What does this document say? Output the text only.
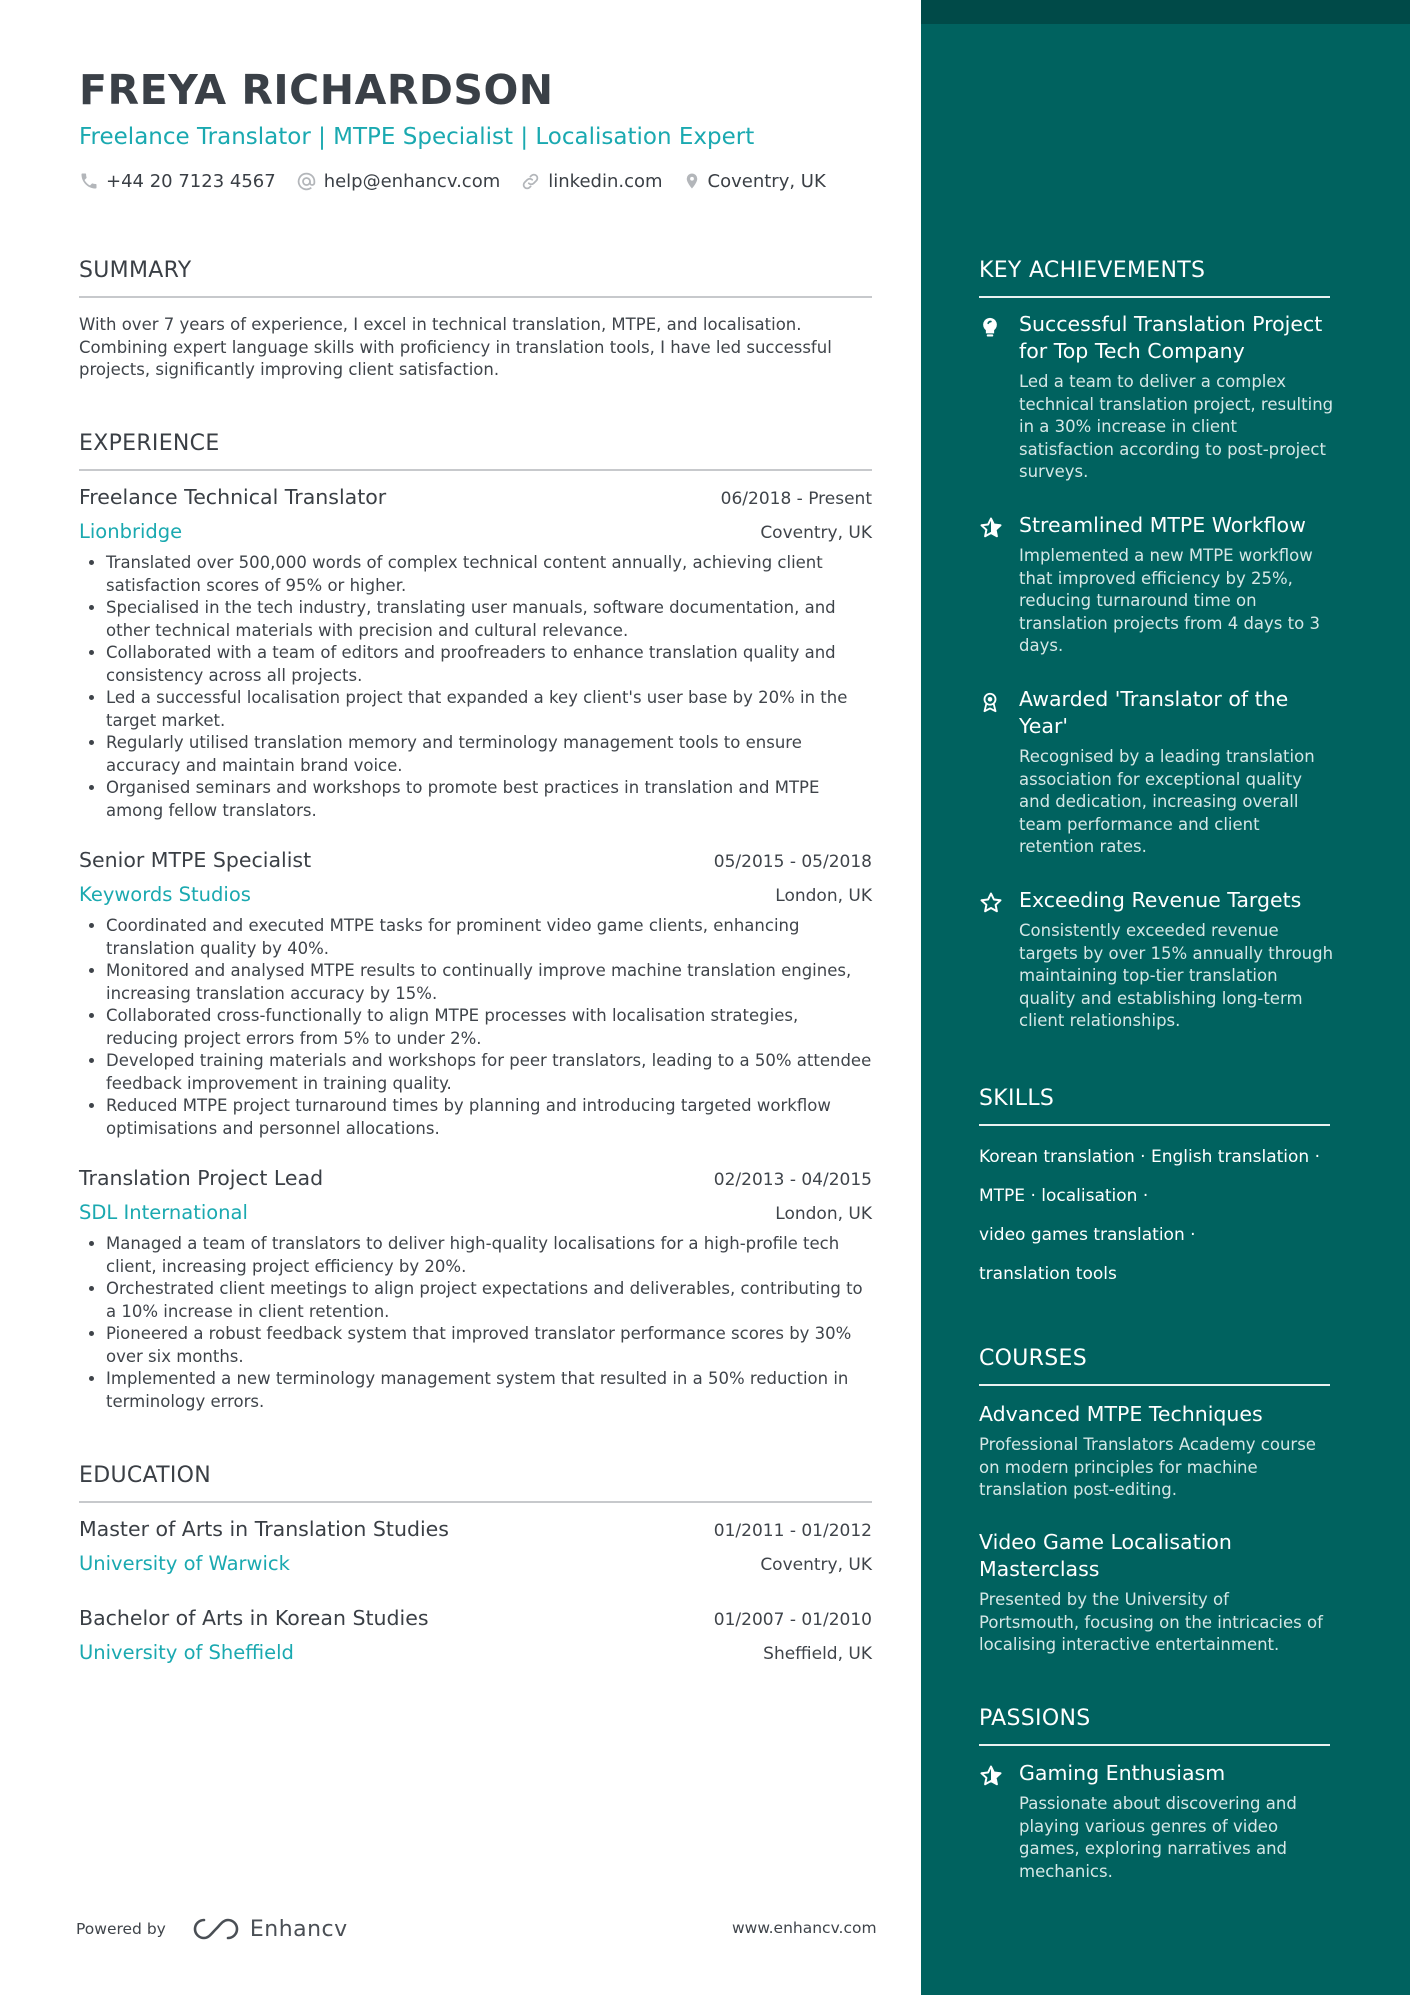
FREYA RICHARDSON
Freelance Translator | MTPE Specialist | Localisation Expert
+44 20 7123 4567	help@enhancv.com	linkedin.com	Coventry, UK
SUMMARY
With over 7 years of experience, I excel in technical translation, MTPE, and localisation. Combining expert language skills with proficiency in translation tools, I have led successful projects, significantly improving client satisfaction.
EXPERIENCE
Freelance Technical Translator	06/2018 - Present
Lionbridge	Coventry, UK
• Translated over 500,000 words of complex technical content annually, achieving client satisfaction scores of 95% or higher.
• Specialised in the tech industry, translating user manuals, software documentation, and other technical materials with precision and cultural relevance.
• Collaborated with a team of editors and proofreaders to enhance translation quality and consistency across all projects.
• Led a successful localisation project that expanded a key client's user base by 20% in the target market.
• Regularly utilised translation memory and terminology management tools to ensure accuracy and maintain brand voice.
• Organised seminars and workshops to promote best practices in translation and MTPE among fellow translators.
Senior MTPE Specialist	05/2015 - 05/2018
Keywords Studios	London, UK
• Coordinated and executed MTPE tasks for prominent video game clients, enhancing translation quality by 40%.
• Monitored and analysed MTPE results to continually improve machine translation engines, increasing translation accuracy by 15%.
• Collaborated cross-functionally to align MTPE processes with localisation strategies, reducing project errors from 5% to under 2%.
• Developed training materials and workshops for peer translators, leading to a 50% attendee feedback improvement in training quality.
• Reduced MTPE project turnaround times by planning and introducing targeted workflow optimisations and personnel allocations.
Translation Project Lead	02/2013 - 04/2015
SDL International	London, UK
• Managed a team of translators to deliver high-quality localisations for a high-profile tech client, increasing project efficiency by 20%.
• Orchestrated client meetings to align project expectations and deliverables, contributing to a 10% increase in client retention.
• Pioneered a robust feedback system that improved translator performance scores by 30% over six months.
• Implemented a new terminology management system that resulted in a 50% reduction in terminology errors.
EDUCATION
Master of Arts in Translation Studies	01/2011 - 01/2012
University of Warwick	Coventry, UK
Bachelor of Arts in Korean Studies	01/2007 - 01/2010
University of Sheffield	Sheffield, UK
Powered by	Enhancv	www.enhancv.com
KEY ACHIEVEMENTS
Successful Translation Project for Top Tech Company
Led a team to deliver a complex technical translation project, resulting in a 30% increase in client satisfaction according to post-project surveys.
Streamlined MTPE Workflow
Implemented a new MTPE workflow that improved efficiency by 25%, reducing turnaround time on translation projects from 4 days to 3 days.
Awarded 'Translator of the Year'
Recognised by a leading translation association for exceptional quality and dedication, increasing overall team performance and client retention rates.
Exceeding Revenue Targets
Consistently exceeded revenue targets by over 15% annually through maintaining top-tier translation quality and establishing long-term client relationships.
SKILLS
Korean translation · English translation ·
MTPE · localisation ·
video games translation ·
translation tools
COURSES
Advanced MTPE Techniques
Professional Translators Academy course on modern principles for machine translation post-editing.
Video Game Localisation Masterclass
Presented by the University of Portsmouth, focusing on the intricacies of localising interactive entertainment.
PASSIONS
Gaming Enthusiasm
Passionate about discovering and playing various genres of video games, exploring narratives and mechanics.
